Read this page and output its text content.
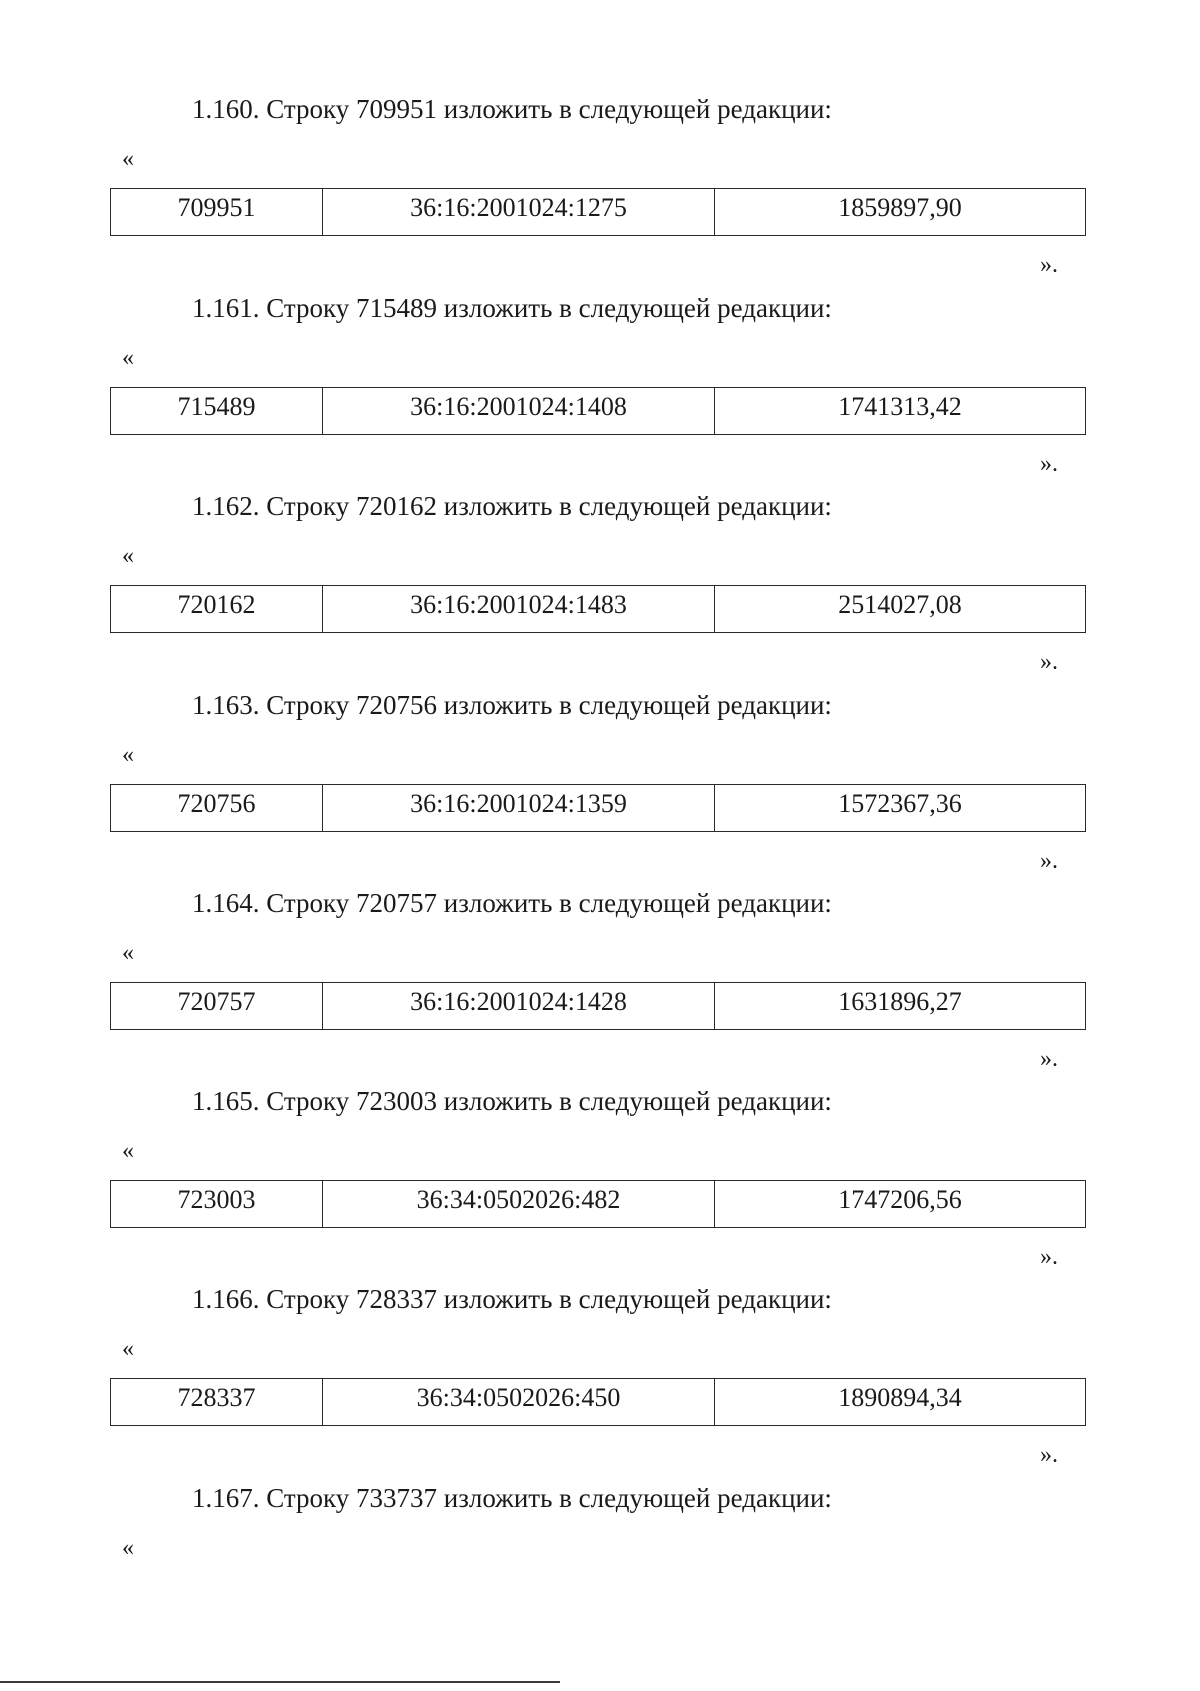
1.160. Строку 709951 изложить в следующей редакции:
«
709951	36:16:2001024:1275	1859897,90
».
1.161. Строку 715489 изложить в следующей редакции:
«
715489	36:16:2001024:1408	1741313,42
».
1.162. Строку 720162 изложить в следующей редакции:
«
720162	36:16:2001024:1483	2514027,08
».
1.163. Строку 720756 изложить в следующей редакции:
«
720756	36:16:2001024:1359	1572367,36
».
1.164. Строку 720757 изложить в следующей редакции:
«
720757	36:16:2001024:1428	1631896,27
».
1.165. Строку 723003 изложить в следующей редакции:
«
723003	36:34:0502026:482	1747206,56
».
1.166. Строку 728337 изложить в следующей редакции:
«
728337	36:34:0502026:450	1890894,34
».
1.167. Строку 733737 изложить в следующей редакции:
«
